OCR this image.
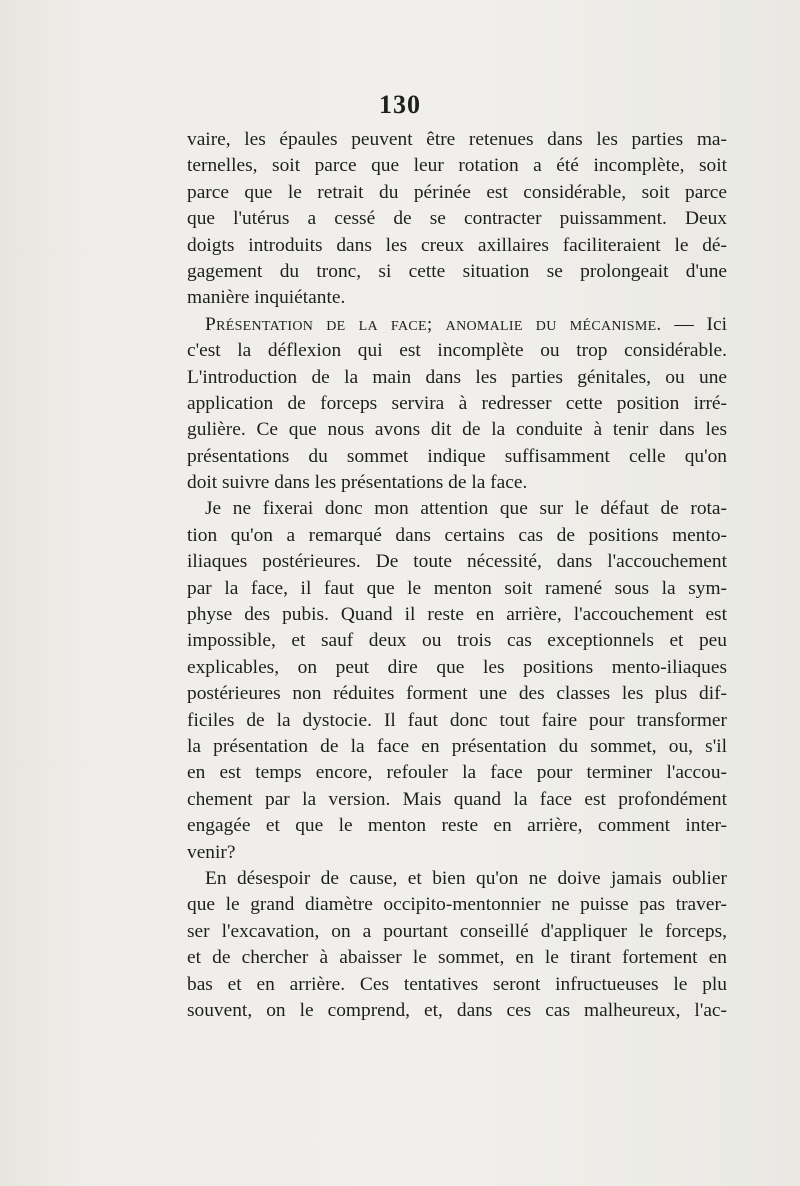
130
vaire, les épaules peuvent être retenues dans les parties ma-
ternelles, soit parce que leur rotation a été incomplète, soit
parce que le retrait du périnée est considérable, soit parce
que l'utérus a cessé de se contracter puissamment. Deux
doigts introduits dans les creux axillaires faciliteraient le dé-
gagement du tronc, si cette situation se prolongeait d'une
manière inquiétante.
Présentation de la face; anomalie du mécanisme. — Ici
c'est la déflexion qui est incomplète ou trop considérable.
L'introduction de la main dans les parties génitales, ou une
application de forceps servira à redresser cette position irré-
gulière. Ce que nous avons dit de la conduite à tenir dans les
présentations du sommet indique suffisamment celle qu'on
doit suivre dans les présentations de la face.
Je ne fixerai donc mon attention que sur le défaut de rota-
tion qu'on a remarqué dans certains cas de positions mento-
iliaques postérieures. De toute nécessité, dans l'accouchement
par la face, il faut que le menton soit ramené sous la sym-
physe des pubis. Quand il reste en arrière, l'accouchement est
impossible, et sauf deux ou trois cas exceptionnels et peu
explicables, on peut dire que les positions mento-iliaques
postérieures non réduites forment une des classes les plus dif-
ficiles de la dystocie. Il faut donc tout faire pour transformer
la présentation de la face en présentation du sommet, ou, s'il
en est temps encore, refouler la face pour terminer l'accou-
chement par la version. Mais quand la face est profondément
engagée et que le menton reste en arrière, comment inter-
venir?
En désespoir de cause, et bien qu'on ne doive jamais oublier
que le grand diamètre occipito-mentonnier ne puisse pas traver-
ser l'excavation, on a pourtant conseillé d'appliquer le forceps,
et de chercher à abaisser le sommet, en le tirant fortement en
bas et en arrière. Ces tentatives seront infructueuses le plu
souvent, on le comprend, et, dans ces cas malheureux, l'ac-
